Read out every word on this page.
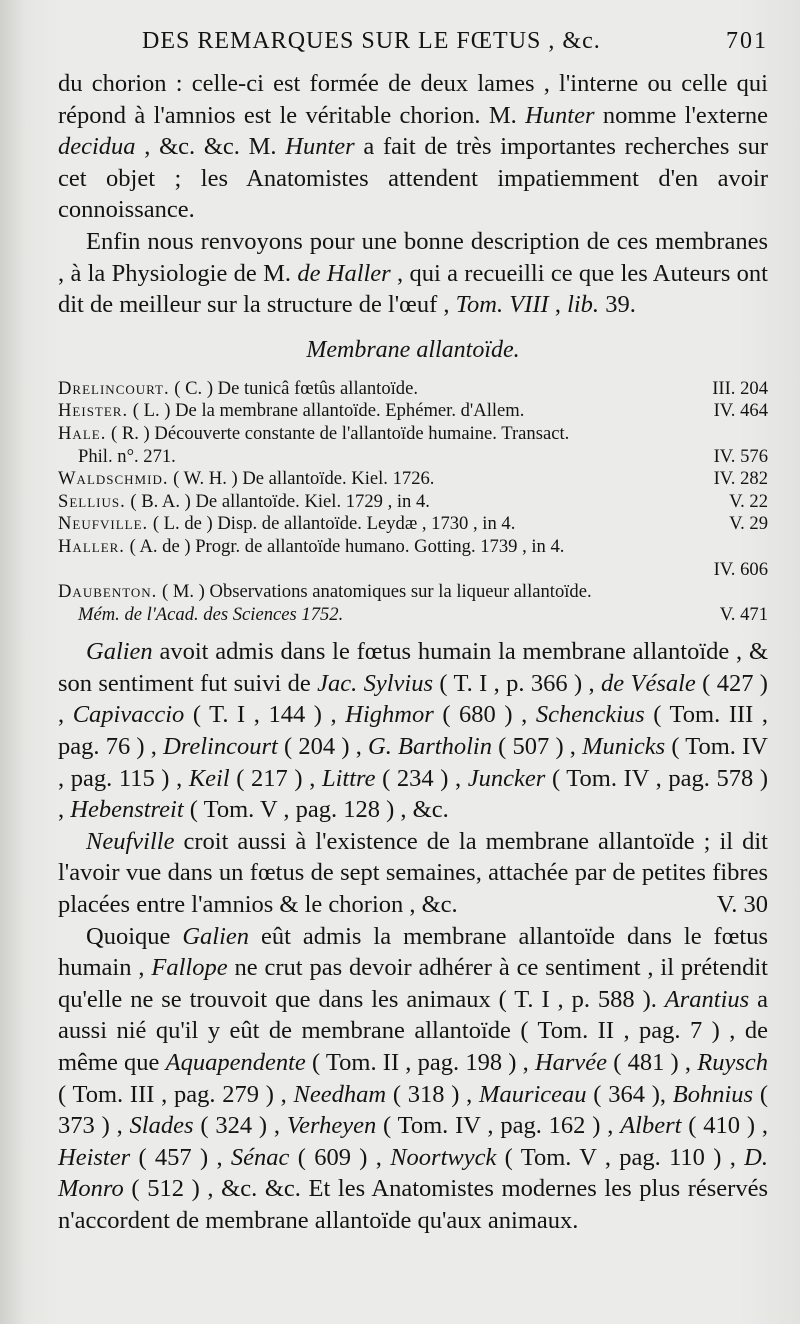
DES REMARQUES SUR LE FŒTUS , &c.	701

du chorion : celle-ci est formée de deux lames , l'interne ou celle qui répond à l'amnios est le véritable chorion. M. Hunter nomme l'externe decidua , &c. &c. M. Hunter a fait de très importantes recherches sur cet objet ; les Anatomistes attendent impatiemment d'en avoir connoissance.

Enfin nous renvoyons pour une bonne description de ces membranes , à la Physiologie de M. de Haller , qui a recueilli ce que les Auteurs ont dit de meilleur sur la structure de l'œuf , Tom. VIII , lib. 39.

Membrane allantoïde.
Drelincourt. ( C. ) De tunicâ fœtûs allantoïde.	III. 204
Heister. ( L. ) De la membrane allantoïde. Ephémer. d'Allem.	IV. 464
Hale. ( R. ) Découverte constante de l'allantoïde humaine. Transact.
Phil. n°. 271.	IV. 576
Waldschmid. ( W. H. ) De allantoïde. Kiel. 1726.	IV. 282
Sellius. ( B. A. ) De allantoïde. Kiel. 1729 , in 4.	V. 22
Neufville. ( L. de ) Disp. de allantoïde. Leydæ , 1730 , in 4.	V. 29
Haller. ( A. de ) Progr. de allantoïde humano. Gotting. 1739 , in 4.
IV. 606
Daubenton. ( M. ) Observations anatomiques sur la liqueur allantoïde.
Mém. de l'Acad. des Sciences 1752.	V. 471

Galien avoit admis dans le fœtus humain la membrane allantoïde , & son sentiment fut suivi de Jac. Sylvius ( T. I , p. 366 ) , de Vésale ( 427 ) , Capivaccio ( T. I , 144 ) , Highmor ( 680 ) , Schenckius ( Tom. III , pag. 76 ) , Drelincourt ( 204 ) , G. Bartholin ( 507 ) , Municks ( Tom. IV , pag. 115 ) , Keil ( 217 ) , Littre ( 234 ) , Juncker ( Tom. IV , pag. 578 ) , Hebenstreit ( Tom. V , pag. 128 ) , &c.

Neufville croit aussi à l'existence de la membrane allantoïde ; il dit l'avoir vue dans un fœtus de sept semaines, attachée par de petites fibres placées entre l'amnios & le chorion , &c.	V. 30

Quoique Galien eût admis la membrane allantoïde dans le fœtus humain , Fallope ne crut pas devoir adhérer à ce sentiment , il prétendit qu'elle ne se trouvoit que dans les animaux ( T. I , p. 588 ). Arantius a aussi nié qu'il y eût de membrane allantoïde ( Tom. II , pag. 7 ) , de même que Aquapendente ( Tom. II , pag. 198 ) , Harvée ( 481 ) , Ruysch ( Tom. III , pag. 279 ) , Needham ( 318 ) , Mauriceau ( 364 ), Bohnius ( 373 ) , Slades ( 324 ) , Verheyen ( Tom. IV , pag. 162 ) , Albert ( 410 ) , Heister ( 457 ) , Sénac ( 609 ) , Noortwyck ( Tom. V , pag. 110 ) , D. Monro ( 512 ) , &c. &c. Et les Anatomistes modernes les plus réservés n'accordent de membrane allantoïde qu'aux animaux.
